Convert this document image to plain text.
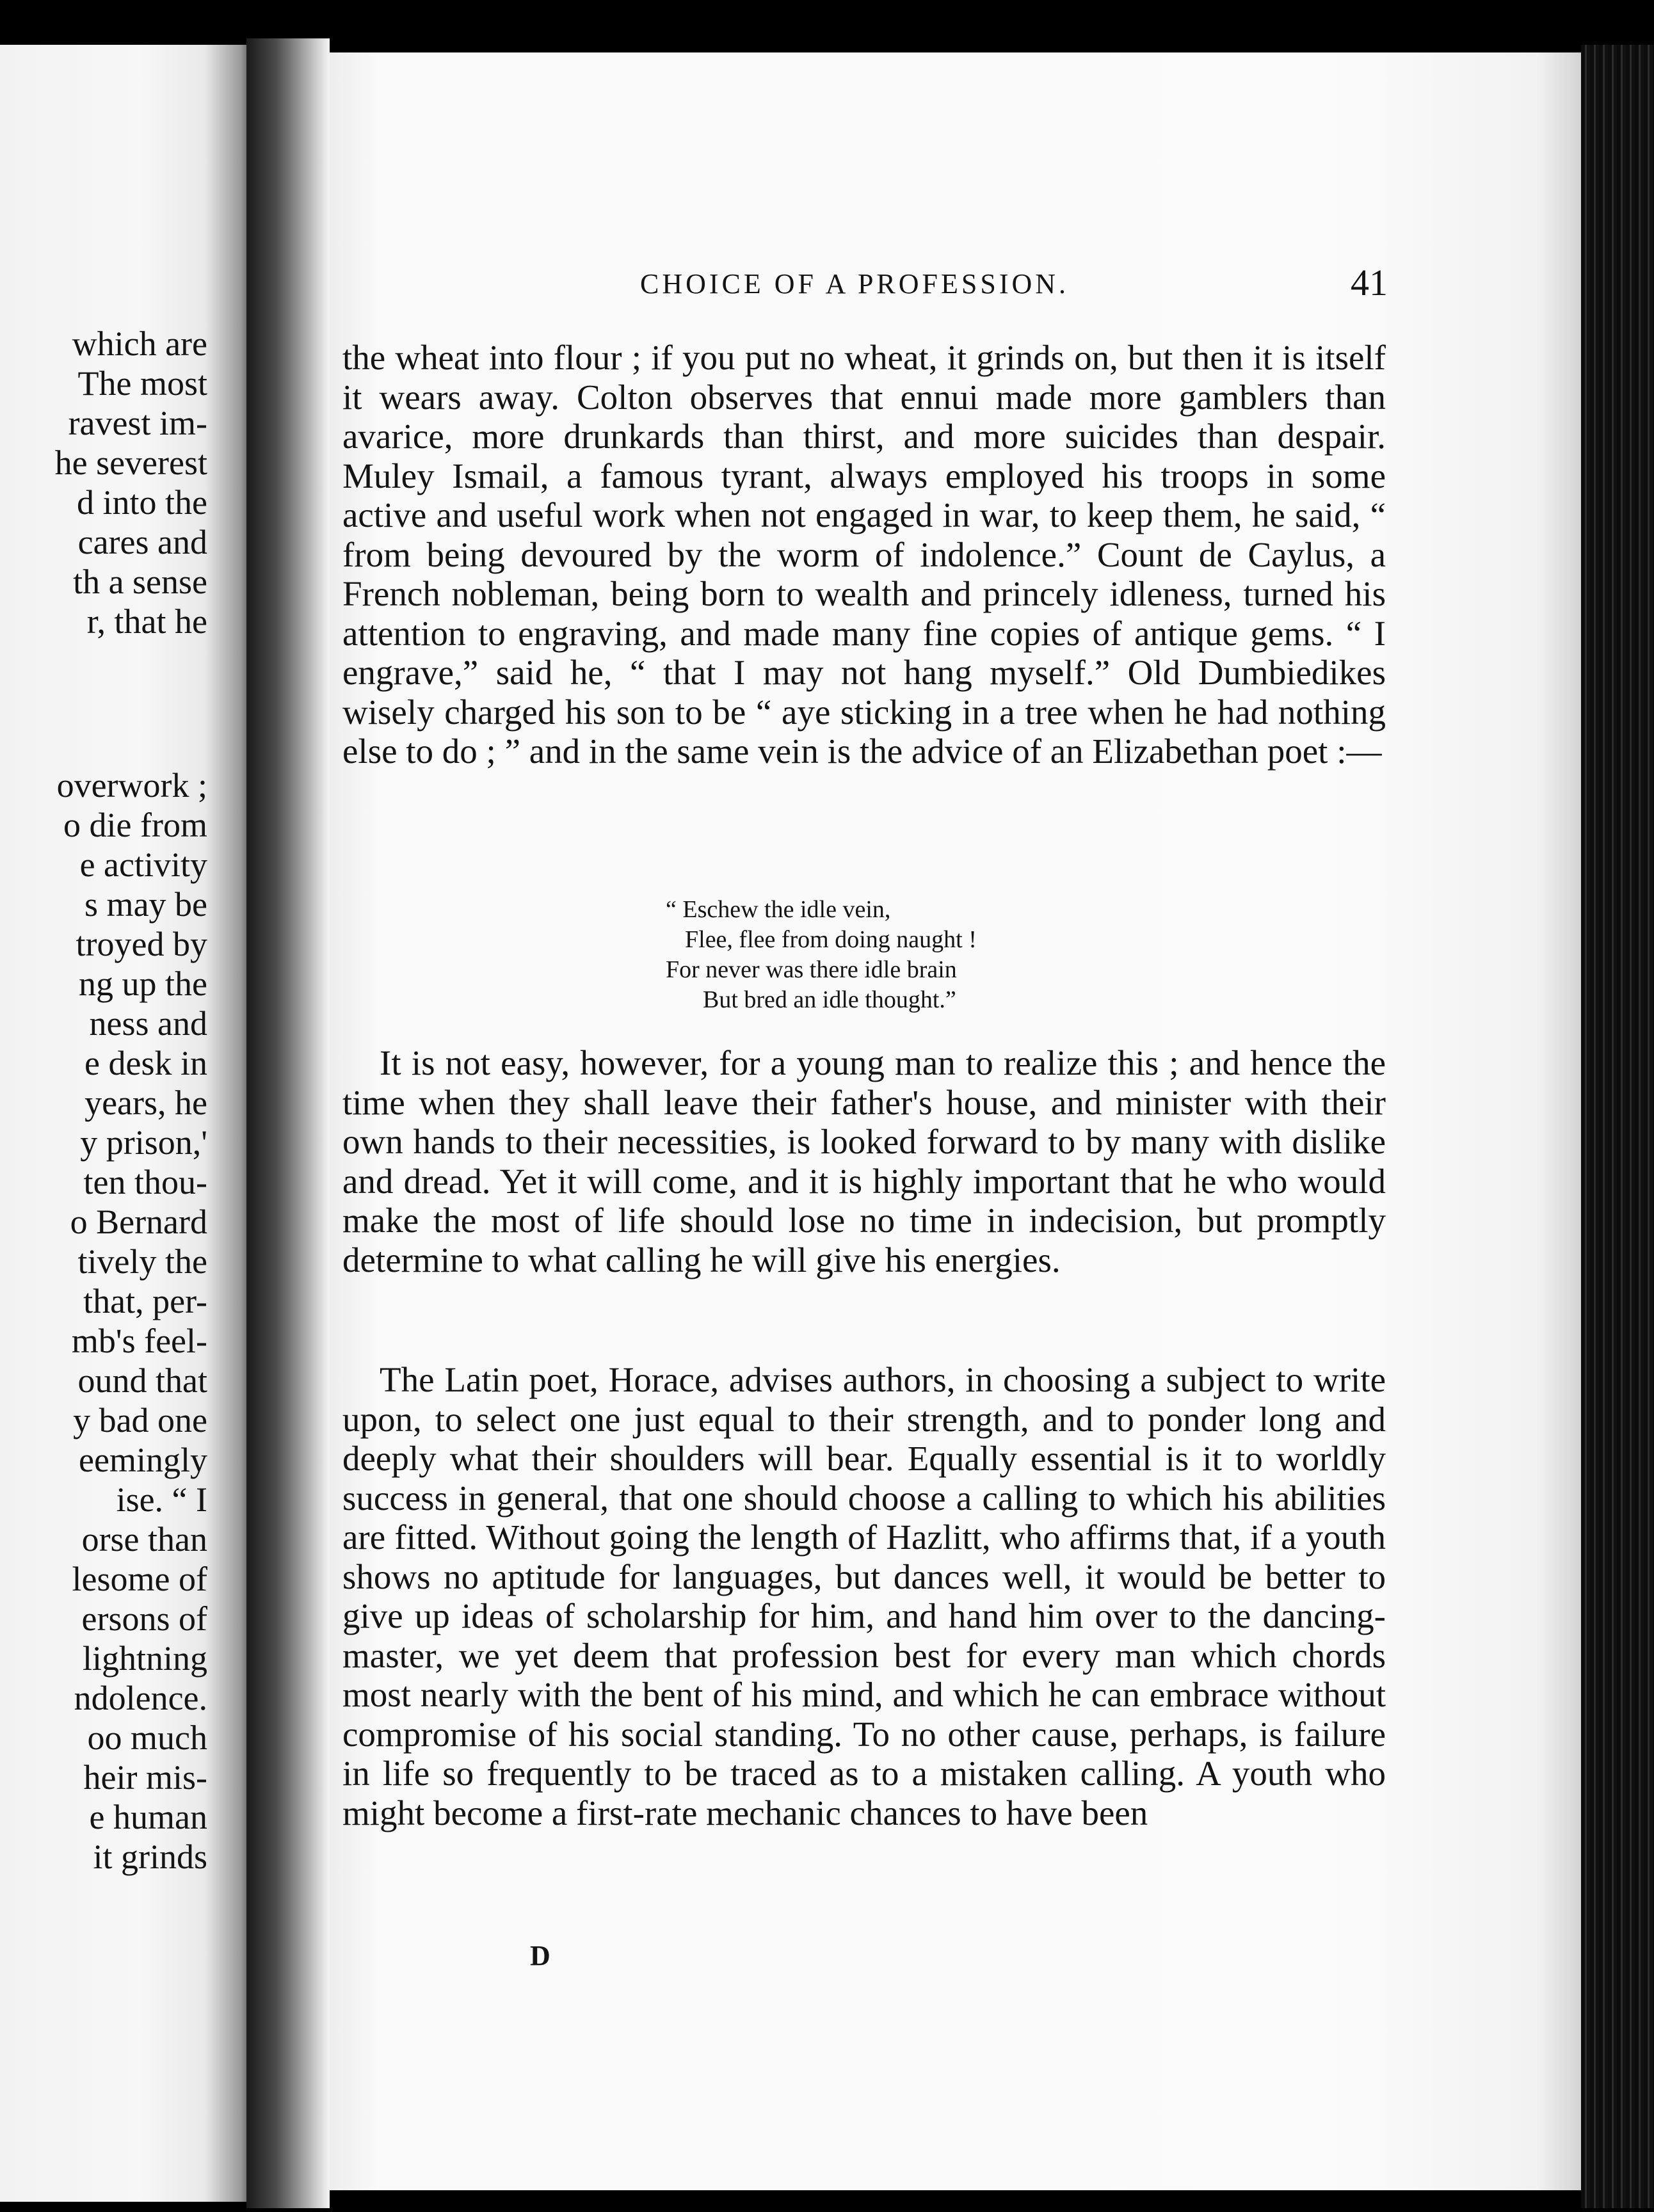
which are
The most
ravest im-
he severest
d into the
cares and
th a sense
r, that he
overwork ;
o die from
e activity
s may be
troyed by
ng up the
ness and
e desk in
years, he
y prison,'
ten thou-
o Bernard
tively the
that, per-
mb's feel-
ound that
y bad one
eemingly
ise. “ I
orse than
lesome of
ersons of
lightning
ndolence.
oo much
heir mis-
e human
it grinds
CHOICE OF A PROFESSION.	41

the wheat into flour ; if you put no wheat, it grinds on, but then it is itself it wears away. Colton observes that ennui made more gamblers than avarice, more drunkards than thirst, and more suicides than despair. Muley Ismail, a famous tyrant, always employed his troops in some active and useful work when not engaged in war, to keep them, he said, “ from being devoured by the worm of indolence.” Count de Caylus, a French nobleman, being born to wealth and princely idleness, turned his attention to engraving, and made many fine copies of antique gems. “ I engrave,” said he, “ that I may not hang myself.” Old Dumbiedikes wisely charged his son to be “ aye sticking in a tree when he had nothing else to do ; ” and in the same vein is the advice of an Elizabethan poet :—

“ Eschew the idle vein,
Flee, flee from doing naught !
For never was there idle brain
But bred an idle thought.”

It is not easy, however, for a young man to realize this ; and hence the time when they shall leave their father's house, and minister with their own hands to their necessities, is looked forward to by many with dislike and dread. Yet it will come, and it is highly important that he who would make the most of life should lose no time in indecision, but promptly determine to what calling he will give his energies.

The Latin poet, Horace, advises authors, in choosing a subject to write upon, to select one just equal to their strength, and to ponder long and deeply what their shoulders will bear. Equally essential is it to worldly success in general, that one should choose a calling to which his abilities are fitted. Without going the length of Hazlitt, who affirms that, if a youth shows no aptitude for languages, but dances well, it would be better to give up ideas of scholarship for him, and hand him over to the dancing-master, we yet deem that profession best for every man which chords most nearly with the bent of his mind, and which he can embrace without compromise of his social standing. To no other cause, perhaps, is failure in life so frequently to be traced as to a mistaken calling. A youth who might become a first-rate mechanic chances to have been

D
